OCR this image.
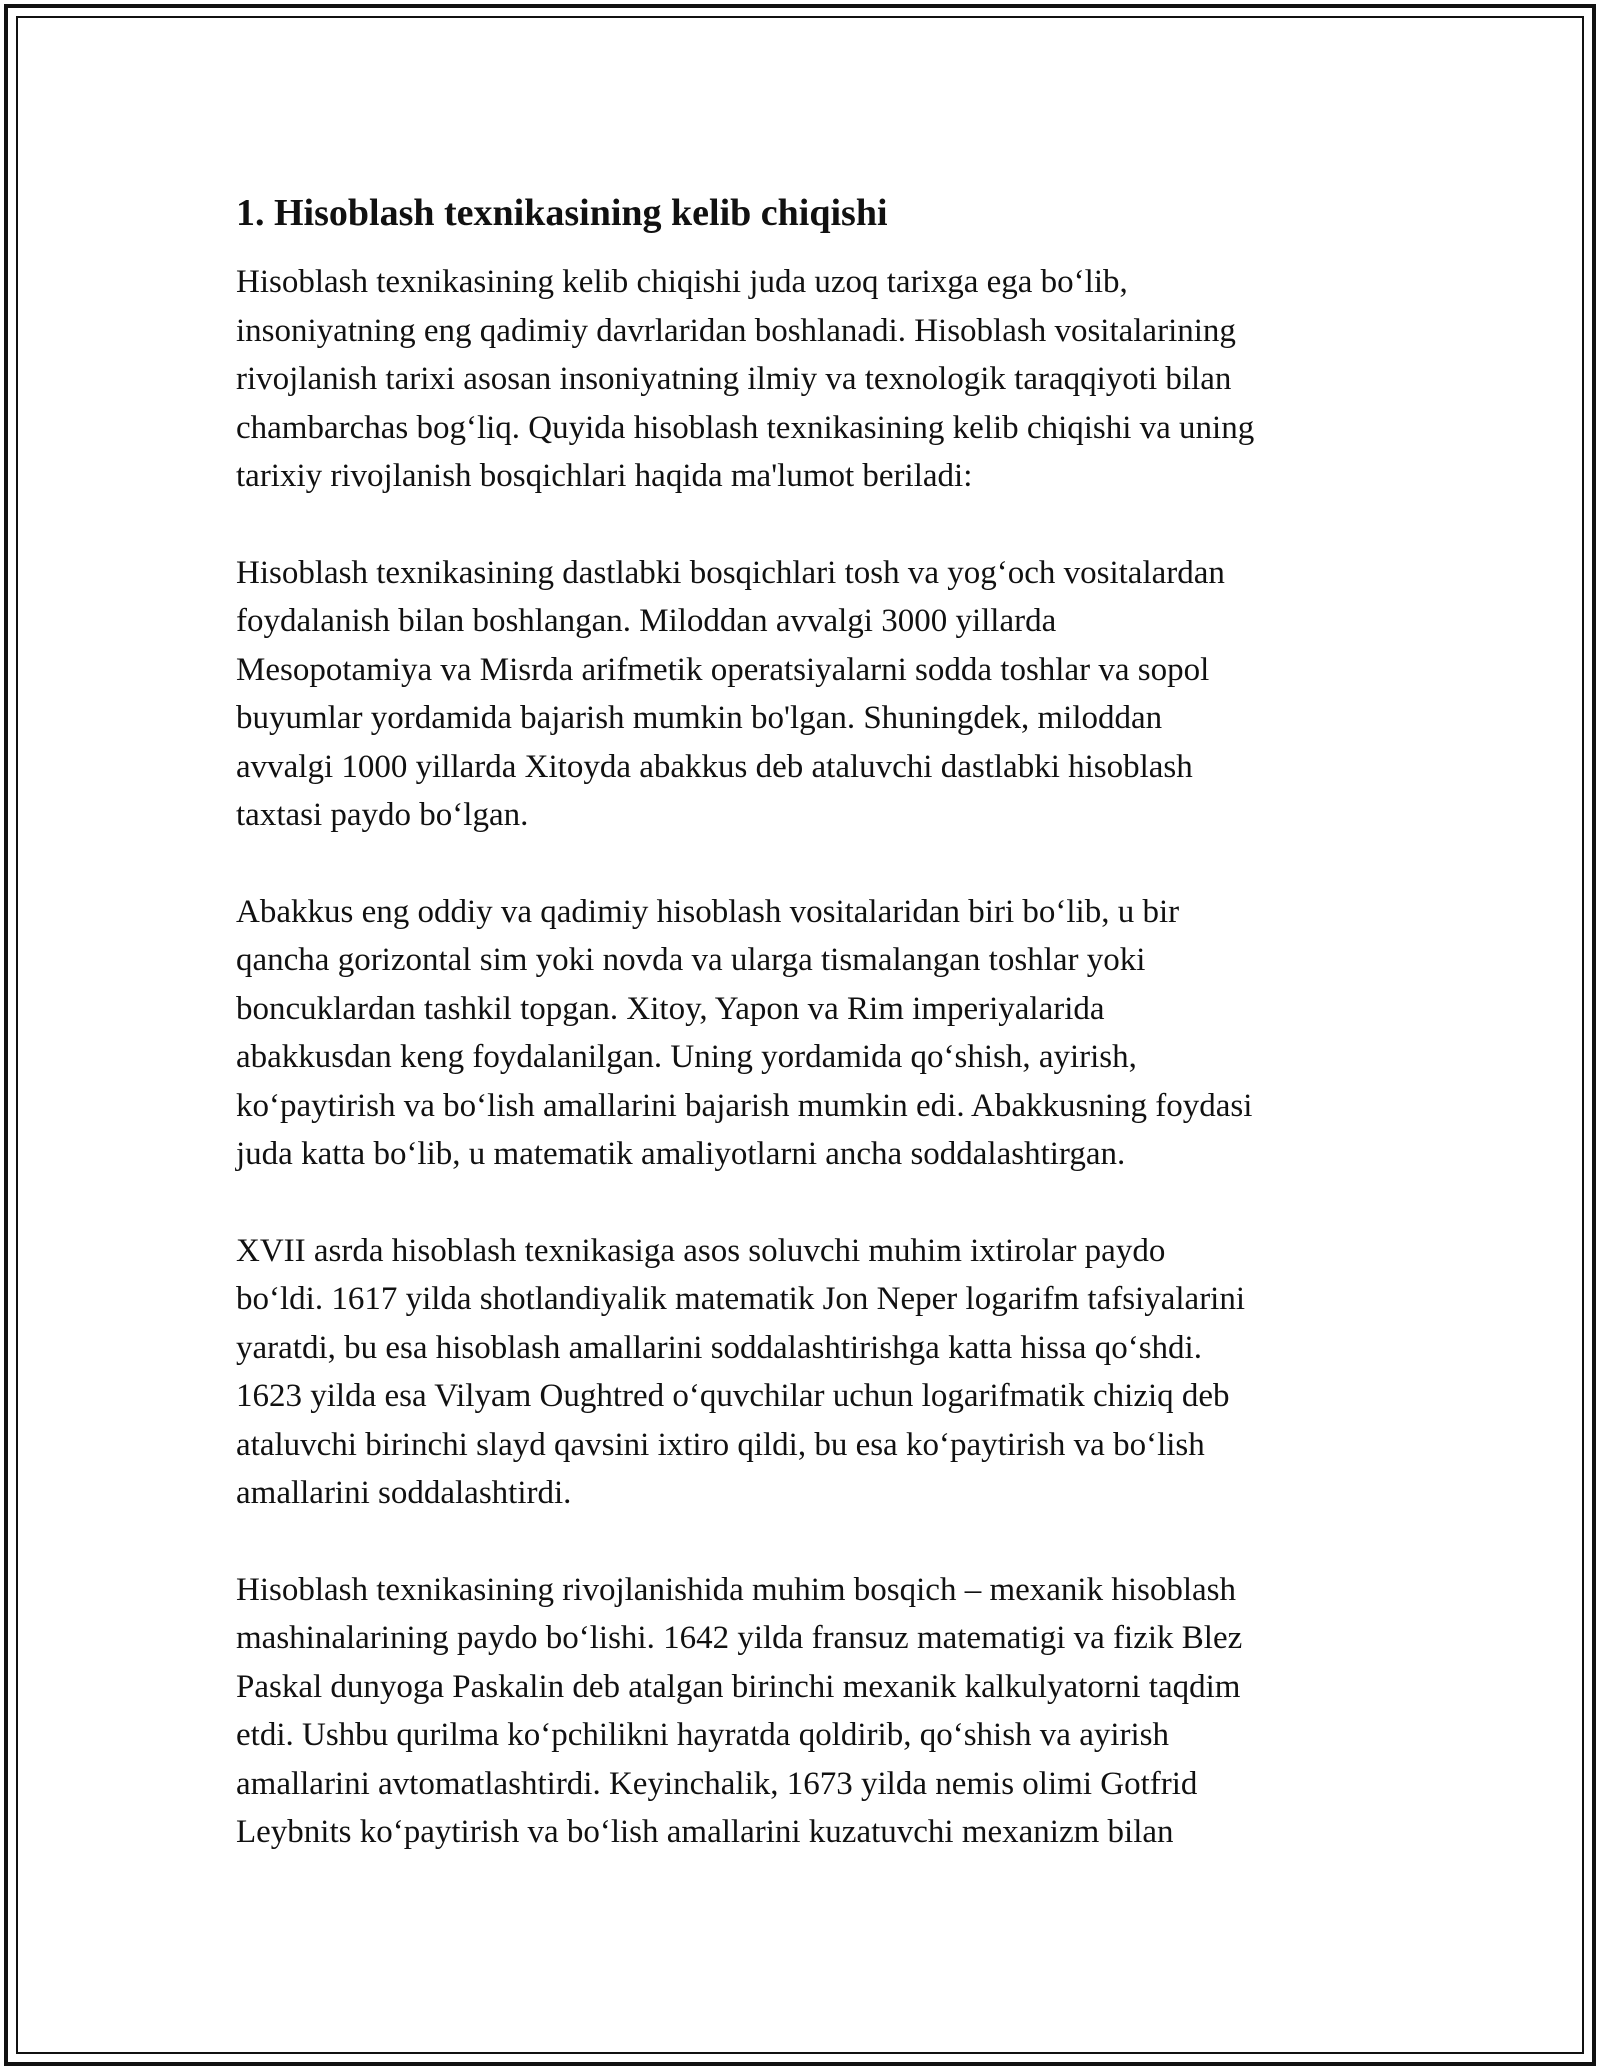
1. Hisoblash texnikasining kelib chiqishi

Hisoblash texnikasining kelib chiqishi juda uzoq tarixga ega bo‘lib,
insoniyatning eng qadimiy davrlaridan boshlanadi. Hisoblash vositalarining
rivojlanish tarixi asosan insoniyatning ilmiy va texnologik taraqqiyoti bilan
chambarchas bog‘liq. Quyida hisoblash texnikasining kelib chiqishi va uning
tarixiy rivojlanish bosqichlari haqida ma'lumot beriladi:

Hisoblash texnikasining dastlabki bosqichlari tosh va yog‘och vositalardan
foydalanish bilan boshlangan. Miloddan avvalgi 3000 yillarda
Mesopotamiya va Misrda arifmetik operatsiyalarni sodda toshlar va sopol
buyumlar yordamida bajarish mumkin bo'lgan. Shuningdek, miloddan
avvalgi 1000 yillarda Xitoyda abakkus deb ataluvchi dastlabki hisoblash
taxtasi paydo bo‘lgan.

Abakkus eng oddiy va qadimiy hisoblash vositalaridan biri bo‘lib, u bir
qancha gorizontal sim yoki novda va ularga tismalangan toshlar yoki
boncuklardan tashkil topgan. Xitoy, Yapon va Rim imperiyalarida
abakkusdan keng foydalanilgan. Uning yordamida qo‘shish, ayirish,
ko‘paytirish va bo‘lish amallarini bajarish mumkin edi. Abakkusning foydasi
juda katta bo‘lib, u matematik amaliyotlarni ancha soddalashtirgan.

XVII asrda hisoblash texnikasiga asos soluvchi muhim ixtirolar paydo
bo‘ldi. 1617 yilda shotlandiyalik matematik Jon Neper logarifm tafsiyalarini
yaratdi, bu esa hisoblash amallarini soddalashtirishga katta hissa qo‘shdi.
1623 yilda esa Vilyam Oughtred o‘quvchilar uchun logarifmatik chiziq deb
ataluvchi birinchi slayd qavsini ixtiro qildi, bu esa ko‘paytirish va bo‘lish
amallarini soddalashtirdi.

Hisoblash texnikasining rivojlanishida muhim bosqich – mexanik hisoblash
mashinalarining paydo bo‘lishi. 1642 yilda fransuz matematigi va fizik Blez
Paskal dunyoga Paskalin deb atalgan birinchi mexanik kalkulyatorni taqdim
etdi. Ushbu qurilma ko‘pchilikni hayratda qoldirib, qo‘shish va ayirish
amallarini avtomatlashtirdi. Keyinchalik, 1673 yilda nemis olimi Gotfrid
Leybnits ko‘paytirish va bo‘lish amallarini kuzatuvchi mexanizm bilan
